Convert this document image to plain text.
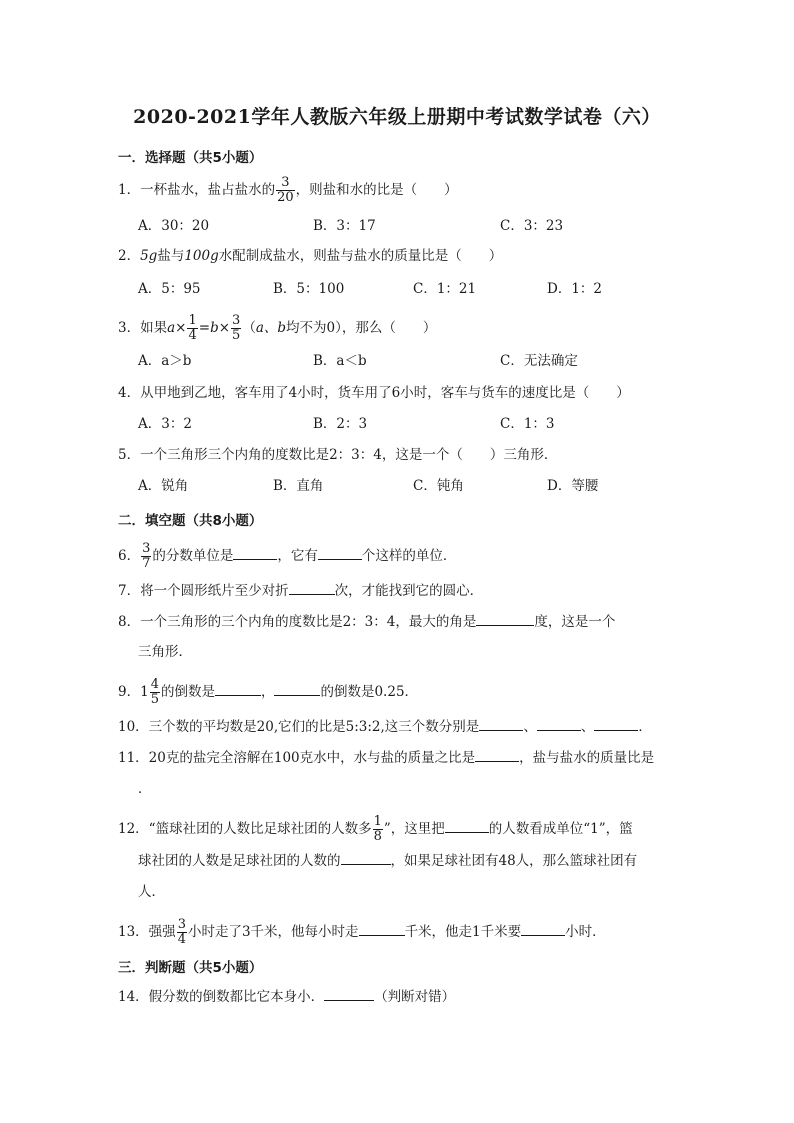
2020-2021学年人教版六年级上册期中考试数学试卷（六）
一．选择题（共5小题）
1．一杯盐水，盐占盐水的 $\frac{3}{20}$ ，则盐和水的比是（　　）
A．30：20	B．3：17	C．3：23
2．5g盐与100g水配制成盐水，则盐与盐水的质量比是（　　）
A．5：95	B．5：100	C．1：21	D．1：2
3．如果$a\times \frac{1}{4} =b\times \frac{3}{5} (a$、b均不为0），那么（　　）
A．a＞b	B．a＜b	C．无法确定
4．从甲地到乙地，客车用了4小时，货车用了6小时，客车与货车的速度比是（　　）
A．3：2	B．2：3	C．1：3
5．一个三角形三个内角的度数比是2：3：4，这是一个（　　）三角形．
A．锐角	B．直角	C．钝角	D．等腰
二．填空题（共8小题）
6． $\frac{3}{7}$ 的分数单位是	，它有	个这样的单位．
7．将一个圆形纸片至少对折	次，才能找到它的圆心．
8．一个三角形的三个内角的度数比是2：3：4，最大的角是	度，这是一个
三角形．
9．$1 \frac{4}{5}$ 的倒数是	，	的倒数是0.25．
10．三个数的平均数是20,它们的比是5:3:2,这三个数分别是	、	、	．
11．20克的盐完全溶解在100克水中，水与盐的质量之比是	，盐与盐水的质量比是
．
12．“篮球社团的人数比足球社团的人数多 $\frac{1}{8}$ ”，这里把	的人数看成单位“1”，篮
球社团的人数是足球社团的人数的	，如果足球社团有48人，那么篮球社团有
人．
13．强强 $\frac{3}{4}$ 小时走了3千米，他每小时走	千米，他走1千米要	小时．
三．判断题（共5小题）
14．假分数的倒数都比它本身小．	（判断对错）
